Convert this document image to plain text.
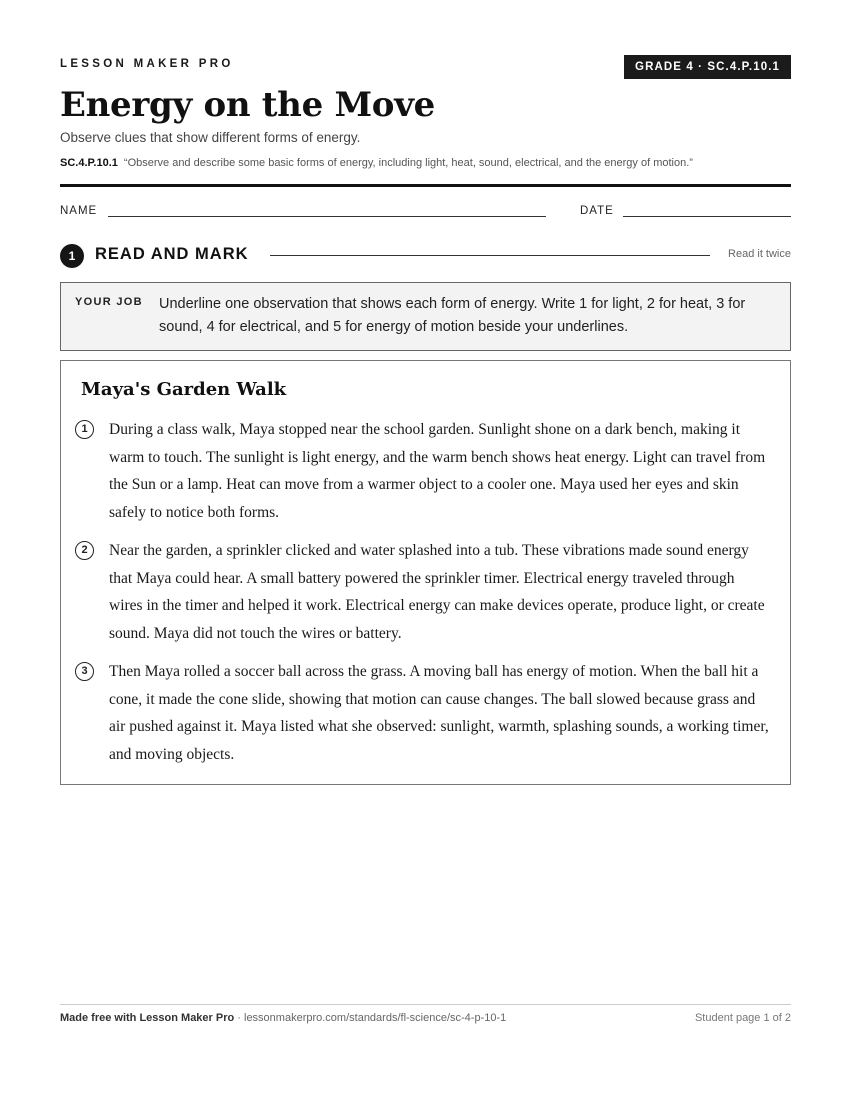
LESSON MAKER PRO	GRADE 4 · SC.4.P.10.1
Energy on the Move
Observe clues that show different forms of energy.
SC.4.P.10.1 “Observe and describe some basic forms of energy, including light, heat, sound, electrical, and the energy of motion.”
NAME	DATE
1	READ AND MARK	Read it twice
YOUR JOB Underline one observation that shows each form of energy. Write 1 for light, 2 for heat, 3 for sound, 4 for electrical, and 5 for energy of motion beside your underlines.
Maya's Garden Walk
1	During a class walk, Maya stopped near the school garden. Sunlight shone on a dark bench, making it warm to touch. The sunlight is light energy, and the warm bench shows heat energy. Light can travel from the Sun or a lamp. Heat can move from a warmer object to a cooler one. Maya used her eyes and skin safely to notice both forms.

2	Near the garden, a sprinkler clicked and water splashed into a tub. These vibrations made sound energy that Maya could hear. A small battery powered the sprinkler timer. Electrical energy traveled through wires in the timer and helped it work. Electrical energy can make devices operate, produce light, or create sound. Maya did not touch the wires or battery.

3	Then Maya rolled a soccer ball across the grass. A moving ball has energy of motion. When the ball hit a cone, it made the cone slide, showing that motion can cause changes. The ball slowed because grass and air pushed against it. Maya listed what she observed: sunlight, warmth, splashing sounds, a working timer, and moving objects.

Made free with Lesson Maker Pro · lessonmakerpro.com/standards/fl-science/sc-4-p-10-1	Student page 1 of 2
